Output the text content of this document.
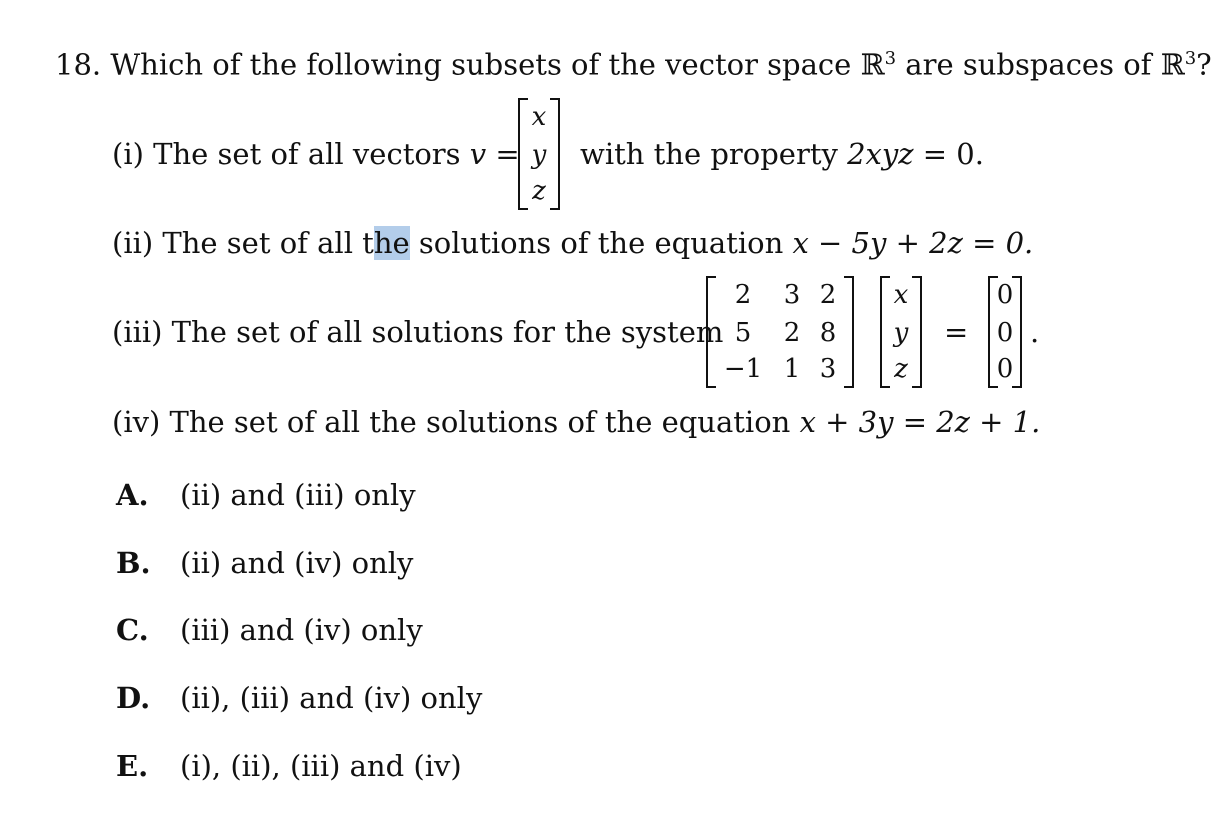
18. Which of the following subsets of the vector space ℝ$^3$ are subspaces of ℝ$^3$?
(i) The set of all vectors v =
x
y
z
with the property 2xyz = 0.
(ii) The set of all the solutions of the equation x − 5y + 2z = 0.
(iii) The set of all solutions for the system
2	3 2
5	2 8
−1 1 3
x
y
z
=
0
0
0
.
(iv) The set of all the solutions of the equation x + 3y = 2z + 1.
A. (ii) and (iii) only
B. (ii) and (iv) only
C. (iii) and (iv) only
D. (ii), (iii) and (iv) only
E. (i), (ii), (iii) and (iv)
